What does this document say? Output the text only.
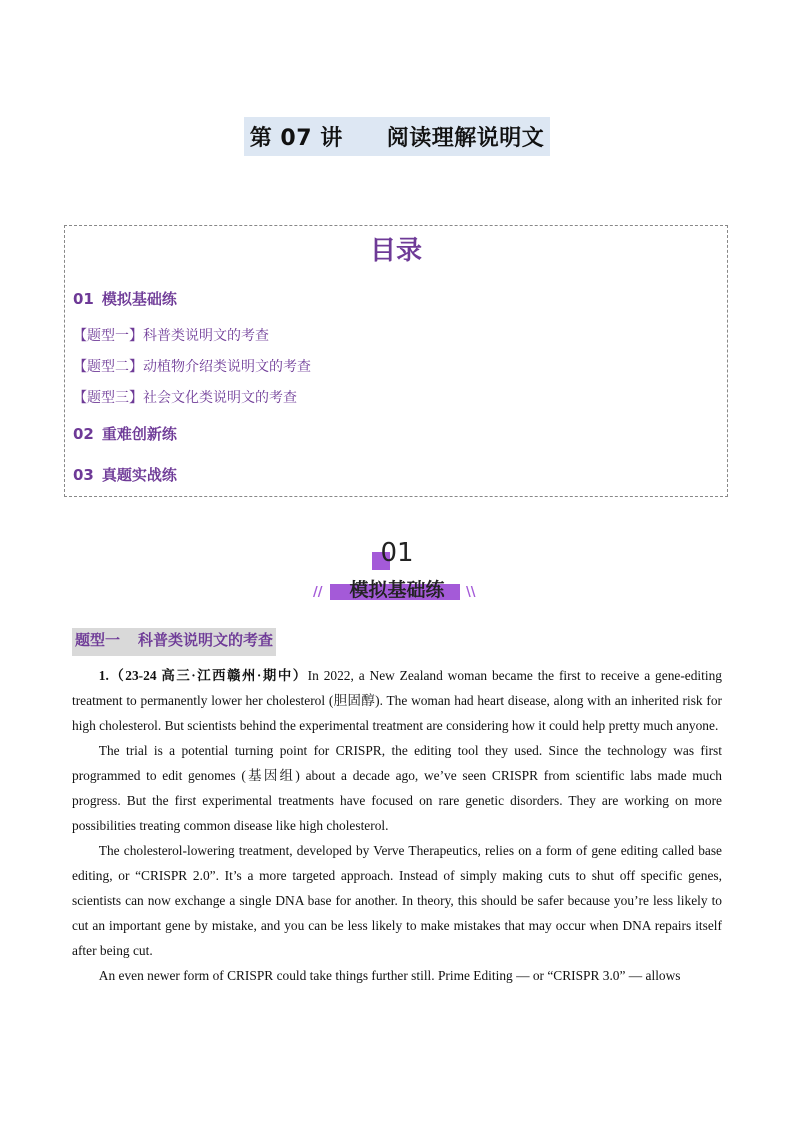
第 07 讲 阅读理解说明文
目录
01 模拟基础练
【题型一】科普类说明文的考查
【题型二】动植物介绍类说明文的考查
【题型三】社会文化类说明文的考查
02 重难创新练
03 真题实战练
01
//	模拟基础练	\\
题型一 科普类说明文的考查

1.（23-24 高三·江西赣州·期中）In 2022, a New Zealand woman became the first to receive a gene-editing treatment to permanently lower her cholesterol (胆固醇). The woman had heart disease, along with an inherited risk for high cholesterol. But scientists behind the experimental treatment are considering how it could help pretty much anyone.

The trial is a potential turning point for CRISPR, the editing tool they used. Since the technology was first programmed to edit genomes (基因组) about a decade ago, we’ve seen CRISPR from scientific labs made much progress. But the first experimental treatments have focused on rare genetic disorders. They are working on more possibilities treating common disease like high cholesterol.

The cholesterol-lowering treatment, developed by Verve Therapeutics, relies on a form of gene editing called base editing, or “CRISPR 2.0”. It’s a more targeted approach. Instead of simply making cuts to shut off specific genes, scientists can now exchange a single DNA base for another. In theory, this should be safer because you’re less likely to cut an important gene by mistake, and you can be less likely to make mistakes that may occur when DNA repairs itself after being cut.

An even newer form of CRISPR could take things further still. Prime Editing — or “CRISPR 3.0” — allows
